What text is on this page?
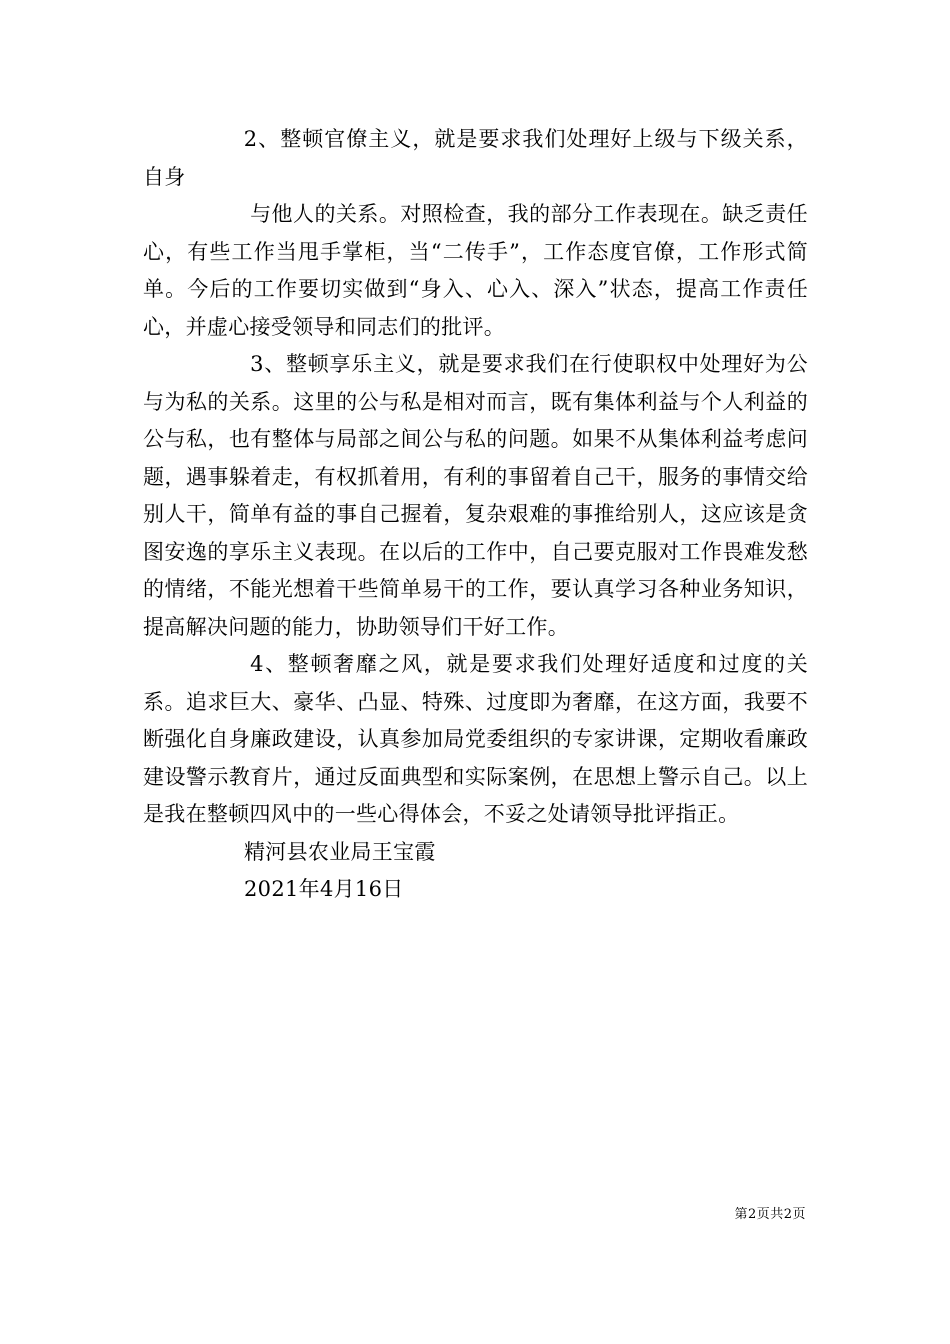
2、整顿官僚主义，就是要求我们处理好上级与下级关系，自身

与他人的关系。对照检查，我的部分工作表现在。缺乏责任心，有些工作当甩手掌柜，当“二传手”，工作态度官僚，工作形式简单。今后的工作要切实做到“身入、心入、深入”状态，提高工作责任心，并虚心接受领导和同志们的批评。

3、整顿享乐主义，就是要求我们在行使职权中处理好为公与为私的关系。这里的公与私是相对而言，既有集体利益与个人利益的公与私，也有整体与局部之间公与私的问题。如果不从集体利益考虑问题，遇事躲着走，有权抓着用，有利的事留着自己干，服务的事情交给别人干，简单有益的事自己握着，复杂艰难的事推给别人，这应该是贪图安逸的享乐主义表现。在以后的工作中，自己要克服对工作畏难发愁的情绪，不能光想着干些简单易干的工作，要认真学习各种业务知识，提高解决问题的能力，协助领导们干好工作。

4、整顿奢靡之风，就是要求我们处理好适度和过度的关系。追求巨大、豪华、凸显、特殊、过度即为奢靡，在这方面，我要不断强化自身廉政建设，认真参加局党委组织的专家讲课，定期收看廉政建设警示教育片，通过反面典型和实际案例，在思想上警示自己。以上是我在整顿四风中的一些心得体会，不妥之处请领导批评指正。

精河县农业局王宝霞

2021年4月16日

第2页共2页
